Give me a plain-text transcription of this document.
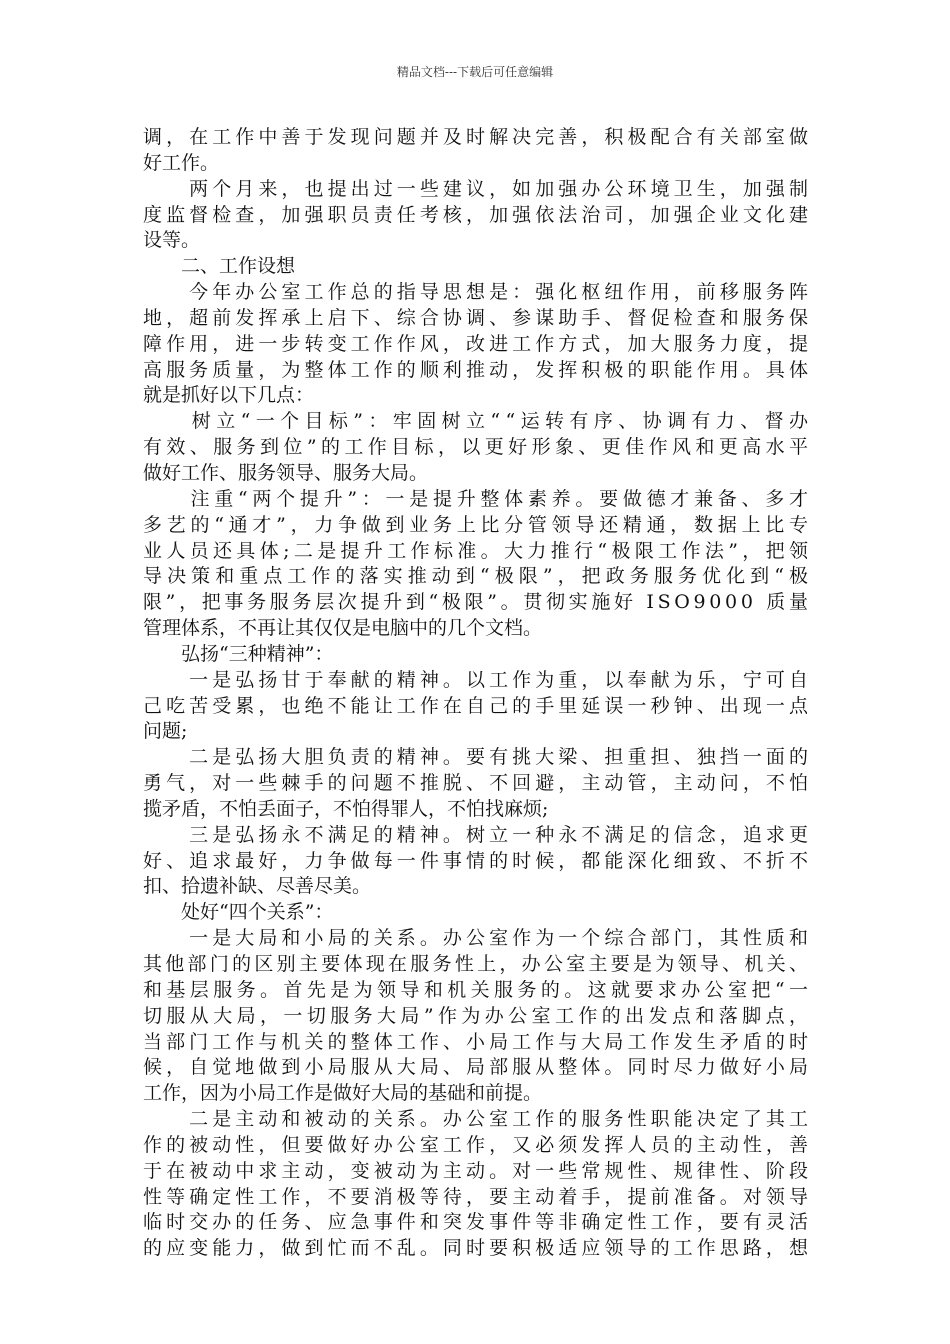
精品文档---下载后可任意编辑
调，在工作中善于发现问题并及时解决完善，积极配合有关部室做
好工作。
　　两个月来，也提出过一些建议，如加强办公环境卫生，加强制
度监督检查，加强职员责任考核，加强依法治司，加强企业文化建
设等。
　　二、工作设想
　　今年办公室工作总的指导思想是：强化枢纽作用，前移服务阵
地，超前发挥承上启下、综合协调、参谋助手、督促检查和服务保
障作用，进一步转变工作作风，改进工作方式，加大服务力度，提
高服务质量，为整体工作的顺利推动，发挥积极的职能作用。具体
就是抓好以下几点：
　　树立“一个目标”：牢固树立““运转有序、协调有力、督办
有效、服务到位”的工作目标，以更好形象、更佳作风和更高水平
做好工作、服务领导、服务大局。
　　注重“两个提升”：一是提升整体素养。要做德才兼备、多才
多艺的“通才”，力争做到业务上比分管领导还精通，数据上比专
业人员还具体;二是提升工作标准。大力推行“极限工作法”，把领
导决策和重点工作的落实推动到“极限”，把政务服务优化到“极
限”，把事务服务层次提升到“极限”。贯彻实施好 ISO9000 质量
管理体系，不再让其仅仅是电脑中的几个文档。
　　弘扬“三种精神”：
　　一是弘扬甘于奉献的精神。以工作为重，以奉献为乐，宁可自
己吃苦受累，也绝不能让工作在自己的手里延误一秒钟、出现一点
问题;
　　二是弘扬大胆负责的精神。要有挑大梁、担重担、独挡一面的
勇气，对一些棘手的问题不推脱、不回避，主动管，主动问，不怕
揽矛盾，不怕丢面子，不怕得罪人，不怕找麻烦;
　　三是弘扬永不满足的精神。树立一种永不满足的信念，追求更
好、追求最好，力争做每一件事情的时候，都能深化细致、不折不
扣、拾遗补缺、尽善尽美。
　　处好“四个关系”：
　　一是大局和小局的关系。办公室作为一个综合部门，其性质和
其他部门的区别主要体现在服务性上，办公室主要是为领导、机关、
和基层服务。首先是为领导和机关服务的。这就要求办公室把“一
切服从大局，一切服务大局”作为办公室工作的出发点和落脚点，
当部门工作与机关的整体工作、小局工作与大局工作发生矛盾的时
候，自觉地做到小局服从大局、局部服从整体。同时尽力做好小局
工作，因为小局工作是做好大局的基础和前提。
　　二是主动和被动的关系。办公室工作的服务性职能决定了其工
作的被动性，但要做好办公室工作，又必须发挥人员的主动性，善
于在被动中求主动，变被动为主动。对一些常规性、规律性、阶段
性等确定性工作，不要消极等待，要主动着手，提前准备。对领导
临时交办的任务、应急事件和突发事件等非确定性工作，要有灵活
的应变能力，做到忙而不乱。同时要积极适应领导的工作思路，想
